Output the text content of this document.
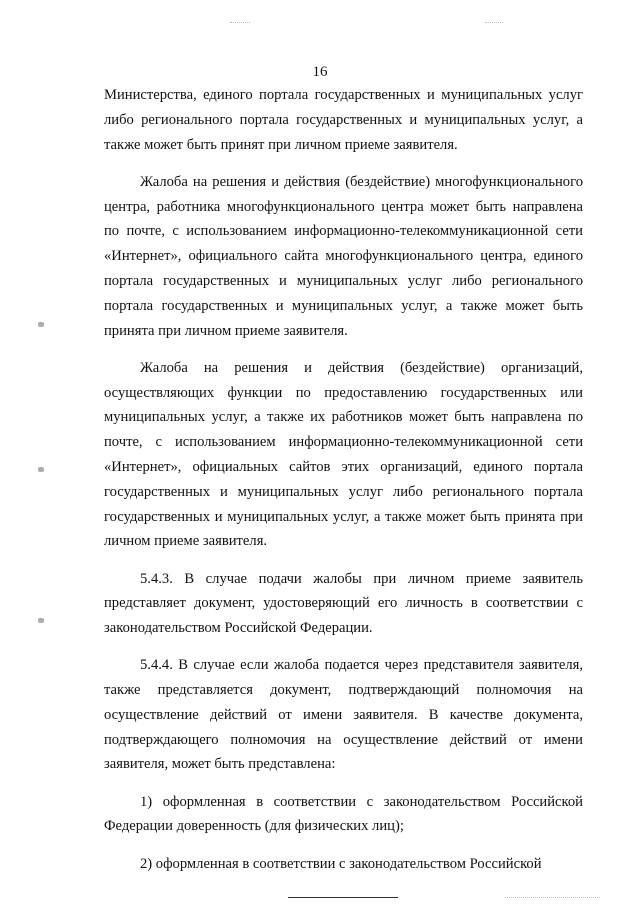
16

Министерства, единого портала государственных и муниципальных услуг либо регионального портала государственных и муниципальных услуг, а также может быть принят при личном приеме заявителя.

Жалоба на решения и действия (бездействие) многофункционального центра, работника многофункционального центра может быть направлена по почте, с использованием информационно-телекоммуникационной сети «Интернет», официального сайта многофункционального центра, единого портала государственных и муниципальных услуг либо регионального портала государственных и муниципальных услуг, а также может быть принята при личном приеме заявителя.

Жалоба на решения и действия (бездействие) организаций, осуществляющих функции по предоставлению государственных или муниципальных услуг, а также их работников может быть направлена по почте, с использованием информационно-телекоммуникационной сети «Интернет», официальных сайтов этих организаций, единого портала государственных и муниципальных услуг либо регионального портала государственных и муниципальных услуг, а также может быть принята при личном приеме заявителя.

5.4.3. В случае подачи жалобы при личном приеме заявитель представляет документ, удостоверяющий его личность в соответствии с законодательством Российской Федерации.

5.4.4. В случае если жалоба подается через представителя заявителя, также представляется документ, подтверждающий полномочия на осуществление действий от имени заявителя. В качестве документа, подтверждающего полномочия на осуществление действий от имени заявителя, может быть представлена:

1) оформленная в соответствии с законодательством Российской Федерации доверенность (для физических лиц);

2) оформленная в соответствии с законодательством Российской
